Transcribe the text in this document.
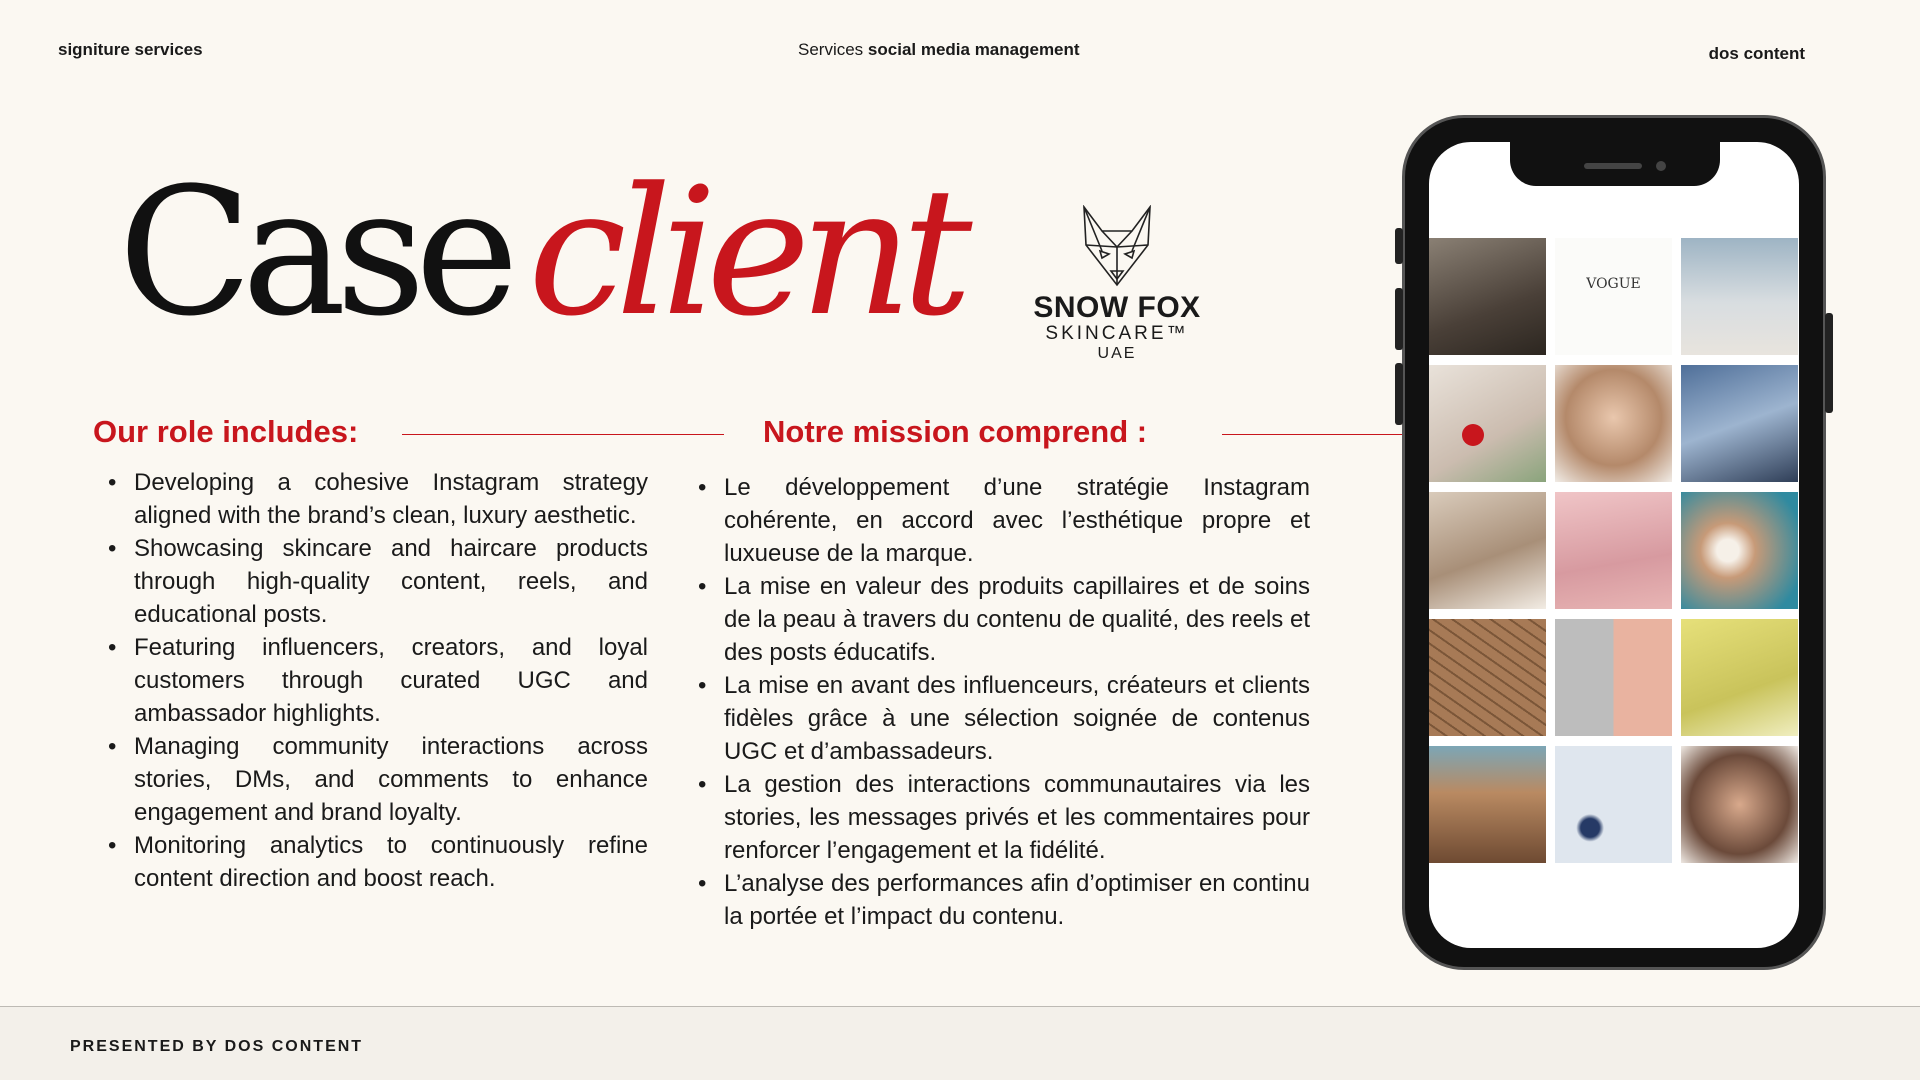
signiture services	Services social media management	dos content
Case client	SNOW FOX
SKINCARE™
UAE
Our role includes:	Notre mission comprend :
• Developing a cohesive Instagram strategy aligned with the brand’s clean, luxury aesthetic.
• Showcasing skincare and haircare products through high-quality content, reels, and educational posts.
• Featuring influencers, creators, and loyal customers through curated UGC and ambassador highlights.
• Managing community interactions across stories, DMs, and comments to enhance engagement and brand loyalty.
• Monitoring analytics to continuously refine content direction and boost reach.
• Le développement d’une stratégie Instagram cohérente, en accord avec l’esthétique propre et luxueuse de la marque.
• La mise en valeur des produits capillaires et de soins de la peau à travers du contenu de qualité, des reels et des posts éducatifs.
• La mise en avant des influenceurs, créateurs et clients fidèles grâce à une sélection soignée de contenus UGC et d’ambassadeurs.
• La gestion des interactions communautaires via les stories, les messages privés et les commentaires pour renforcer l’engagement et la fidélité.
• L’analyse des performances afin d’optimiser en continu la portée et l’impact du contenu.
VOGUE
PRESENTED BY DOS CONTENT
